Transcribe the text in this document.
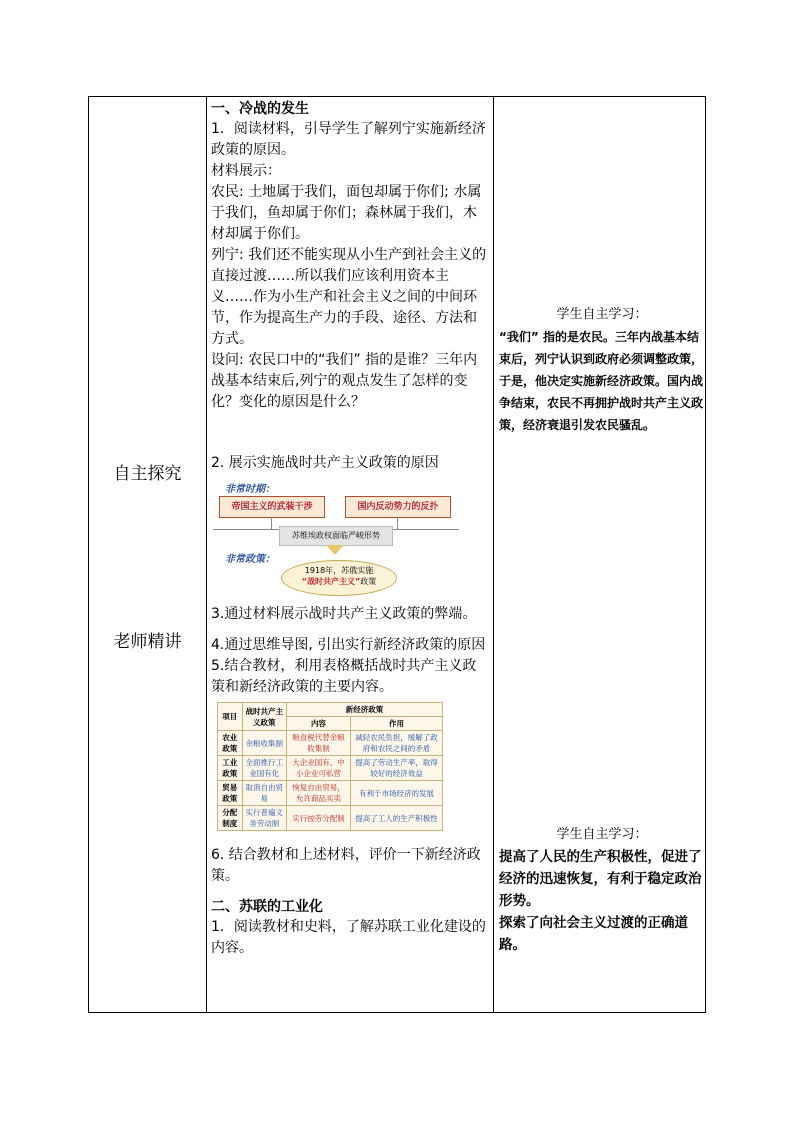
自主探究
老师精讲
一、冷战的发生

1．阅读材料，引导学生了解列宁实施新经济政策的原因。

材料展示：

农民: 土地属于我们，面包却属于你们; 水属于我们，鱼却属于你们；森林属于我们，木材却属于你们。

列宁: 我们还不能实现从小生产到社会主义的直接过渡……所以我们应该利用资本主义……作为小生产和社会主义之间的中间环节，作为提高生产力的手段、途径、方法和方式。

设问: 农民口中的“我们” 指的是谁？三年内战基本结束后,列宁的观点发生了怎样的变化？变化的原因是什么？

2. 展示实施战时共产主义政策的原因

非常时期：
帝国主义的武装干涉	国内反动势力的反扑
苏维埃政权面临严峻形势
非常政策：
1918年，苏俄实施
“战时共产主义”政策

3.通过材料展示战时共产主义政策的弊端。

4.通过思维导图, 引出实行新经济政策的原因

5.结合教材，利用表格概括战时共产主义政策和新经济政策的主要内容。

项目	战时共产主义政策	新经济政策	
		内容	作用
农业政策	余粮收集制	粮食税代替余粮收集制	减轻农民负担，缓解了政府和农民之间的矛盾
工业政策	全面推行工业国有化	大企业国有，中小企业可私营	提高了劳动生产率，取得较好的经济效益
贸易政策	取消自由贸易	恢复自由贸易，允许商品买卖	有利于市场经济的发展
分配制度	实行普遍义务劳动制	实行按劳分配制	提高了工人的生产积极性

6. 结合教材和上述材料，评价一下新经济政策。

二、苏联的工业化

1．阅读教材和史料，了解苏联工业化建设的内容。

学生自主学习：
“我们” 指的是农民。三年内战基本结束后，列宁认识到政府必须调整政策，于是，他决定实施新经济政策。国内战争结束，农民不再拥护战时共产主义政策，经济衰退引发农民骚乱。
学生自主学习：
提高了人民的生产积极性，促进了经济的迅速恢复，有利于稳定政治形势。
探索了向社会主义过渡的正确道路。
